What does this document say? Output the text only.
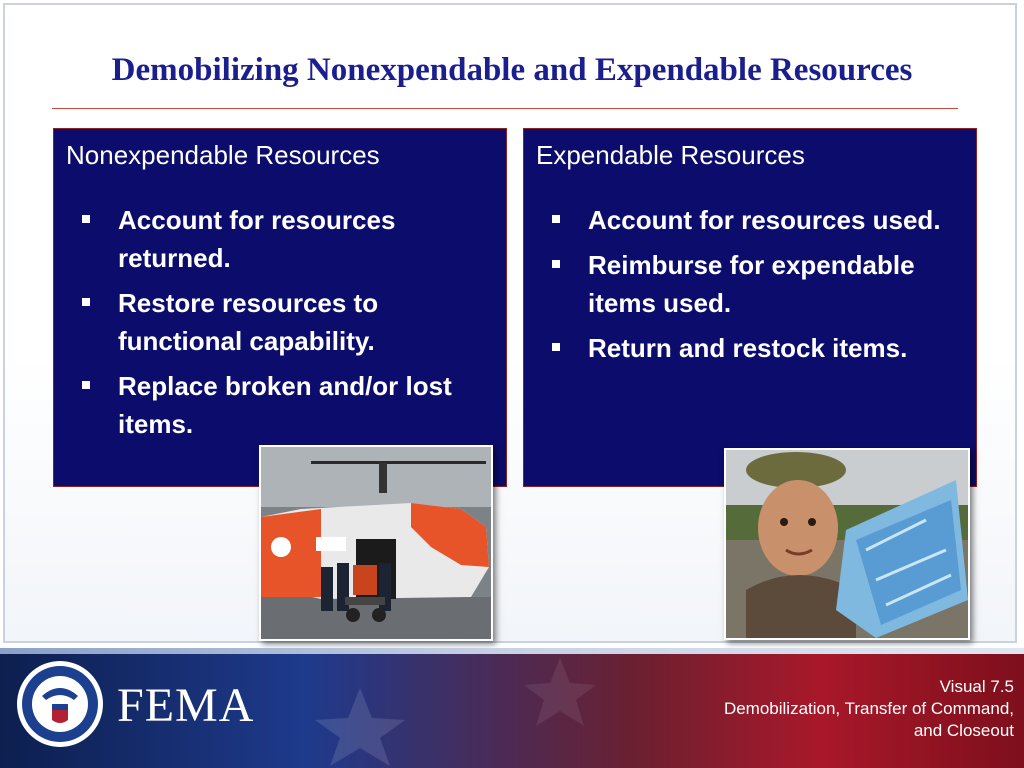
Demobilizing Nonexpendable and Expendable Resources
Nonexpendable Resources
Account for resources returned.
Restore resources to functional capability.
Replace broken and/or lost items.
Expendable Resources
Account for resources used.
Reimburse for expendable items used.
Return and restock items.
FEMA	Visual 7.5
Demobilization, Transfer of Command,
and Closeout
